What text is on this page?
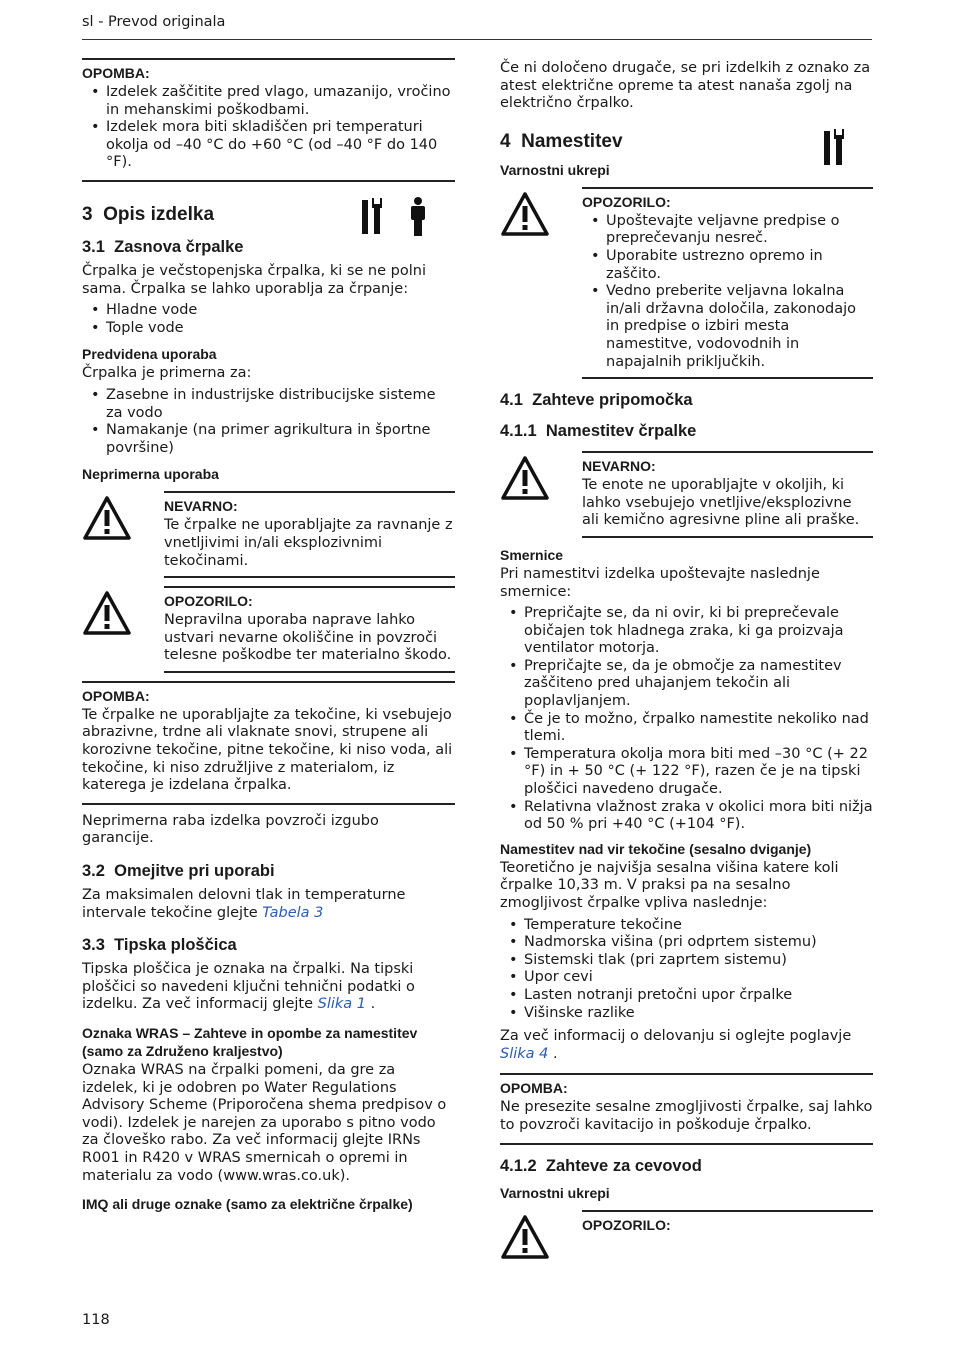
sl - Prevod originala
OPOMBA:
• Izdelek zaščitite pred vlago, umazanijo, vročino in mehanskimi poškodbami.
• Izdelek mora biti skladiščen pri temperaturi okolja od –40 °C do +60 °C (od –40 °F do 140 °F).
3 Opis izdelka
3.1 Zasnova črpalke

Črpalka je večstopenjska črpalka, ki se ne polni sama. Črpalka se lahko uporablja za črpanje:

• Hladne vode
• Tople vode
Predvidena uporaba

Črpalka je primerna za:

• Zasebne in industrijske distribucijske sisteme za vodo
• Namakanje (na primer agrikultura in športne površine)
Neprimerna uporaba
NEVARNO:

Te črpalke ne uporabljajte za ravnanje z vnetljivimi in/ali eksplozivnimi tekočinami.

OPOZORILO:

Nepravilna uporaba naprave lahko ustvari nevarne okoliščine in povzroči telesne poškodbe ter materialno škodo.

OPOMBA:

Te črpalke ne uporabljajte za tekočine, ki vsebujejo abrazivne, trdne ali vlaknate snovi, strupene ali korozivne tekočine, pitne tekočine, ki niso voda, ali tekočine, ki niso združljive z materialom, iz katerega je izdelana črpalka.

Neprimerna raba izdelka povzroči izgubo garancije.

3.2 Omejitve pri uporabi

Za maksimalen delovni tlak in temperaturne intervale tekočine glejte Tabela 3

3.3 Tipska ploščica

Tipska ploščica je oznaka na črpalki. Na tipski ploščici so navedeni ključni tehnični podatki o izdelku. Za več informacij glejte Slika 1 .

Oznaka WRAS – Zahteve in opombe za namestitev (samo za Združeno kraljestvo)

Oznaka WRAS na črpalki pomeni, da gre za izdelek, ki je odobren po Water Regulations Advisory Scheme (Priporočena shema predpisov o vodi). Izdelek je narejen za uporabo s pitno vodo za človeško rabo. Za več informacij glejte IRNs R001 in R420 v WRAS smernicah o opremi in materialu za vodo (www.wras.co.uk).

IMQ ali druge oznake (samo za električne črpalke)

Če ni določeno drugače, se pri izdelkih z oznako za atest električne opreme ta atest nanaša zgolj na električno črpalko.

4 Namestitev
Varnostni ukrepi
OPOZORILO:
• Upoštevajte veljavne predpise o preprečevanju nesreč.
• Uporabite ustrezno opremo in zaščito.
• Vedno preberite veljavna lokalna in/ali državna določila, zakonodajo in predpise o izbiri mesta namestitve, vodovodnih in napajalnih priključkih.
4.1 Zahteve pripomočka
4.1.1 Namestitev črpalke
NEVARNO:

Te enote ne uporabljajte v okoljih, ki lahko vsebujejo vnetljive/eksplozivne ali kemično agresivne pline ali praške.

Smernice

Pri namestitvi izdelka upoštevajte naslednje smernice:

• Prepričajte se, da ni ovir, ki bi preprečevale običajen tok hladnega zraka, ki ga proizvaja ventilator motorja.
• Prepričajte se, da je območje za namestitev zaščiteno pred uhajanjem tekočin ali poplavljanjem.
• Če je to možno, črpalko namestite nekoliko nad tlemi.
• Temperatura okolja mora biti med –30 °C (+ 22 °F) in + 50 °C (+ 122 °F), razen če je na tipski ploščici navedeno drugače.
• Relativna vlažnost zraka v okolici mora biti nižja od 50 % pri +40 °C (+104 °F).
Namestitev nad vir tekočine (sesalno dviganje)

Teoretično je najvišja sesalna višina katere koli črpalke 10,33 m. V praksi pa na sesalno zmogljivost črpalke vpliva naslednje:

• Temperature tekočine
• Nadmorska višina (pri odprtem sistemu)
• Sistemski tlak (pri zaprtem sistemu)
• Upor cevi
• Lasten notranji pretočni upor črpalke
• Višinske razlike

Za več informacij o delovanju si oglejte poglavje Slika 4 .

OPOMBA:

Ne presezite sesalne zmogljivosti črpalke, saj lahko to povzroči kavitacijo in poškoduje črpalko.

4.1.2 Zahteve za cevovod
Varnostni ukrepi
OPOZORILO:
118
